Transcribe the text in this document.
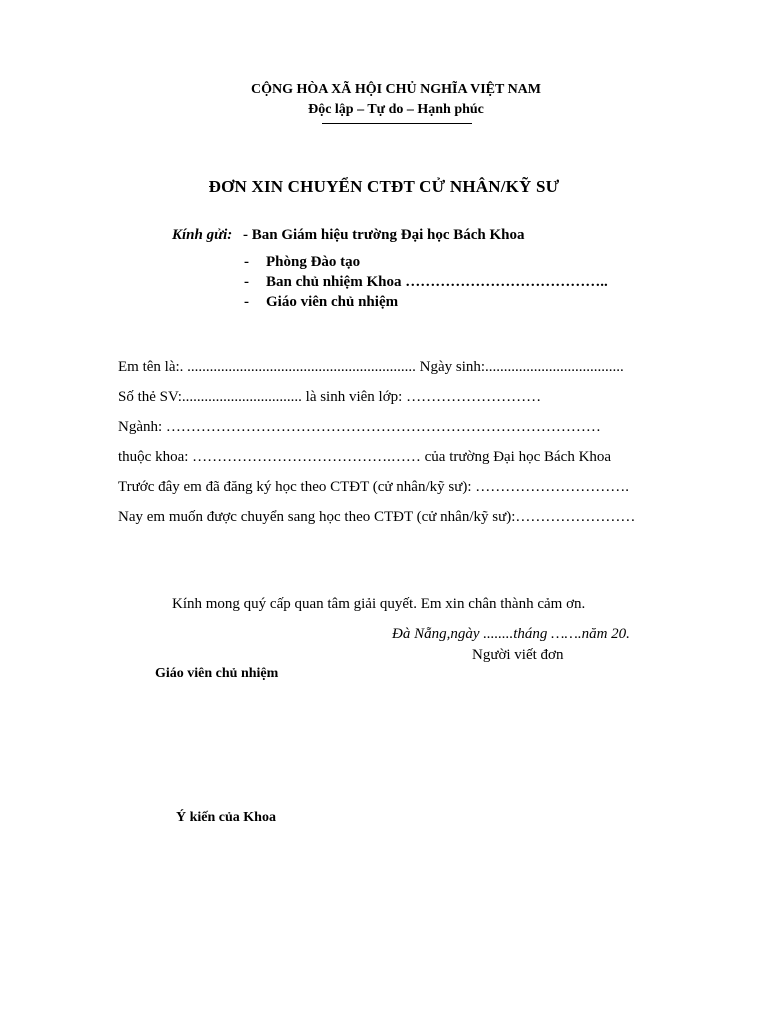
CỘNG HÒA XÃ HỘI CHỦ NGHĨA VIỆT NAM
Độc lập – Tự do – Hạnh phúc
ĐƠN XIN CHUYỂN CTĐT CỬ NHÂN/KỸ SƯ
Kính gửi: - Ban Giám hiệu trường Đại học Bách Khoa
- Phòng Đào tạo
- Ban chủ nhiệm Khoa …………………………………..
- Giáo viên chủ nhiệm
Em tên là:. ............................................................. Ngày sinh:.....................................
Số thẻ SV:................................ là sinh viên lớp: ………………………
Ngành: ……………………………………………………………………………
thuộc khoa: ………………………………….…… của trường Đại học Bách Khoa
Trước đây em đã đăng ký học theo CTĐT (cử nhân/kỹ sư): ………………………….
Nay em muốn được chuyển sang học theo CTĐT (cử nhân/kỹ sư):……………………
Kính mong quý cấp quan tâm giải quyết. Em xin chân thành cảm ơn.
Đà Nẵng,ngày ........tháng …….năm 20.
Người viết đơn
Giáo viên chủ nhiệm
Ý kiến của Khoa
